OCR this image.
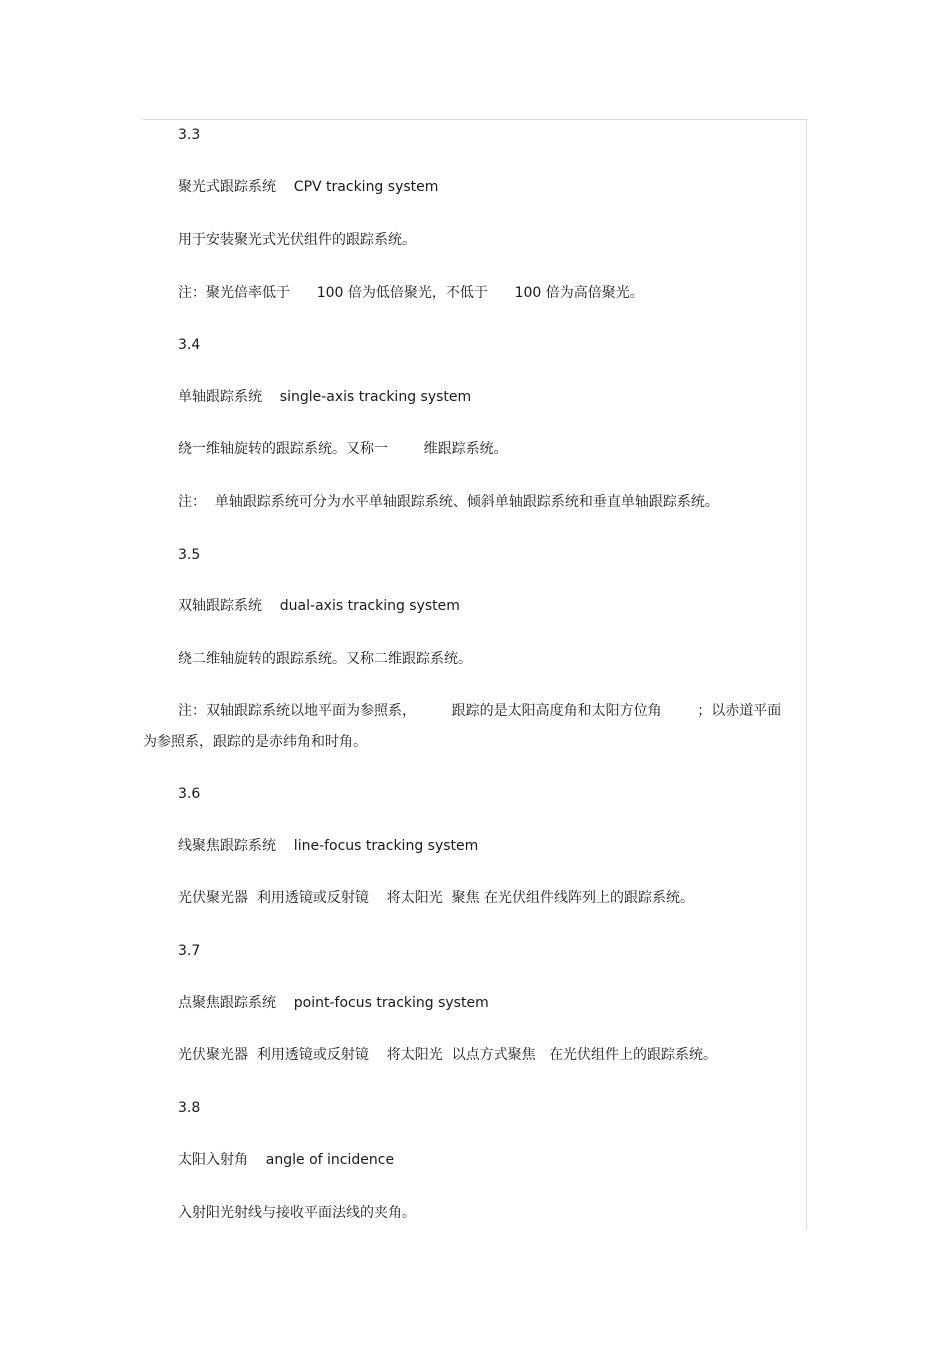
3.3
聚光式跟踪系统    CPV tracking system
用于安装聚光式光伏组件的跟踪系统。
注：聚光倍率低于      100 倍为低倍聚光，不低于      100 倍为高倍聚光。
3.4
单轴跟踪系统    single-axis tracking system
绕一维轴旋转的跟踪系统。又称一        维跟踪系统。
注：  单轴跟踪系统可分为水平单轴跟踪系统、倾斜单轴跟踪系统和垂直单轴跟踪系统。
3.5
双轴跟踪系统    dual-axis tracking system
绕二维轴旋转的跟踪系统。又称二维跟踪系统。
注：双轴跟踪系统以地平面为参照系，        跟踪的是太阳高度角和太阳方位角        ；以赤道平面
为参照系，跟踪的是赤纬角和时角。
3.6
线聚焦跟踪系统    line-focus tracking system
光伏聚光器  利用透镜或反射镜    将太阳光  聚焦 在光伏组件线阵列上的跟踪系统。
3.7
点聚焦跟踪系统    point-focus tracking system
光伏聚光器  利用透镜或反射镜    将太阳光  以点方式聚焦   在光伏组件上的跟踪系统。
3.8
太阳入射角    angle of incidence
入射阳光射线与接收平面法线的夹角。
